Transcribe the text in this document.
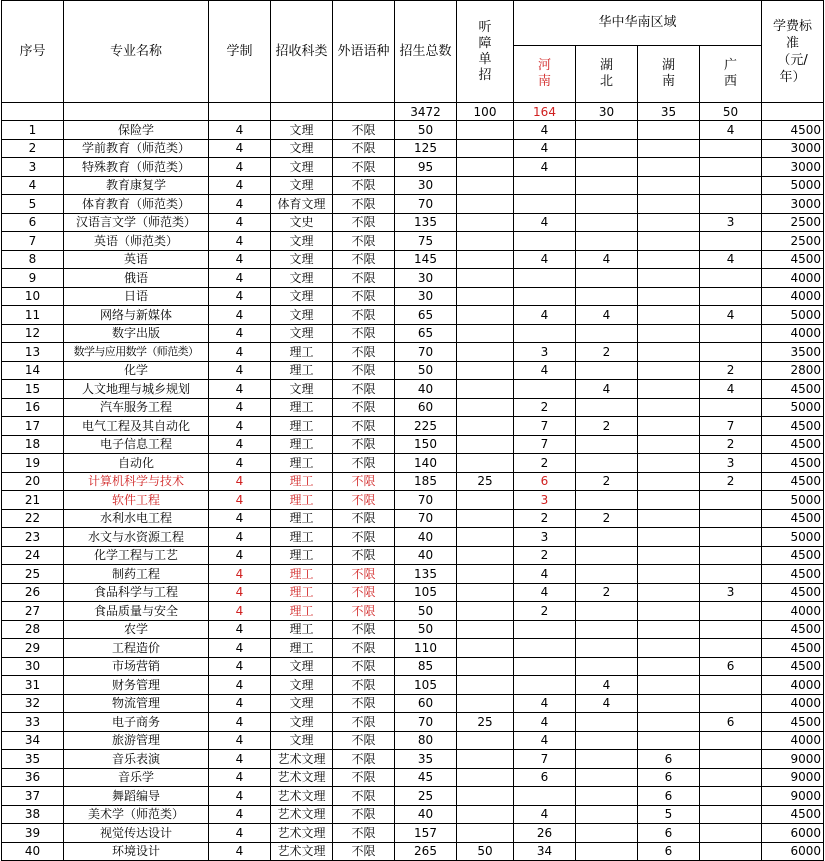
序号	专业名称	学制	招收科类	外语语种	招生总数	听障单招	华中华南区域				学费标准（元/年）
							河南	湖北	湖南	广西	
					3472	100	164	30	35	50	
1	保险学	4	文理	不限	50		4			4	4500
2	学前教育（师范类）	4	文理	不限	125		4				3000
3	特殊教育（师范类）	4	文理	不限	95		4				3000
4	教育康复学	4	文理	不限	30						5000
5	体育教育（师范类）	4	体育文理	不限	70						3000
6	汉语言文学（师范类）	4	文史	不限	135		4			3	2500
7	英语（师范类）	4	文理	不限	75						2500
8	英语	4	文理	不限	145		4	4		4	4500
9	俄语	4	文理	不限	30						4000
10	日语	4	文理	不限	30						4000
11	网络与新媒体	4	文理	不限	65		4	4		4	5000
12	数字出版	4	文理	不限	65						4000
13	数学与应用数学（师范类）	4	理工	不限	70		3	2			3500
14	化学	4	理工	不限	50		4			2	2800
15	人文地理与城乡规划	4	文理	不限	40			4		4	4500
16	汽车服务工程	4	理工	不限	60		2				5000
17	电气工程及其自动化	4	理工	不限	225		7	2		7	4500
18	电子信息工程	4	理工	不限	150		7			2	4500
19	自动化	4	理工	不限	140		2			3	4500
20	计算机科学与技术	4	理工	不限	185	25	6	2		2	4500
21	软件工程	4	理工	不限	70		3				5000
22	水利水电工程	4	理工	不限	70		2	2			4500
23	水文与水资源工程	4	理工	不限	40		3				5000
24	化学工程与工艺	4	理工	不限	40		2				4500
25	制药工程	4	理工	不限	135		4				4500
26	食品科学与工程	4	理工	不限	105		4	2		3	4500
27	食品质量与安全	4	理工	不限	50		2				4000
28	农学	4	理工	不限	50						4500
29	工程造价	4	理工	不限	110						4500
30	市场营销	4	文理	不限	85					6	4500
31	财务管理	4	文理	不限	105			4			4000
32	物流管理	4	文理	不限	60		4	4			4000
33	电子商务	4	文理	不限	70	25	4			6	4500
34	旅游管理	4	文理	不限	80		4				4000
35	音乐表演	4	艺术文理	不限	35		7		6		9000
36	音乐学	4	艺术文理	不限	45		6		6		9000
37	舞蹈编导	4	艺术文理	不限	25				6		9000
38	美术学（师范类）	4	艺术文理	不限	40		4		5		4500
39	视觉传达设计	4	艺术文理	不限	157		26		6		6000
40	环境设计	4	艺术文理	不限	265	50	34		6		6000
